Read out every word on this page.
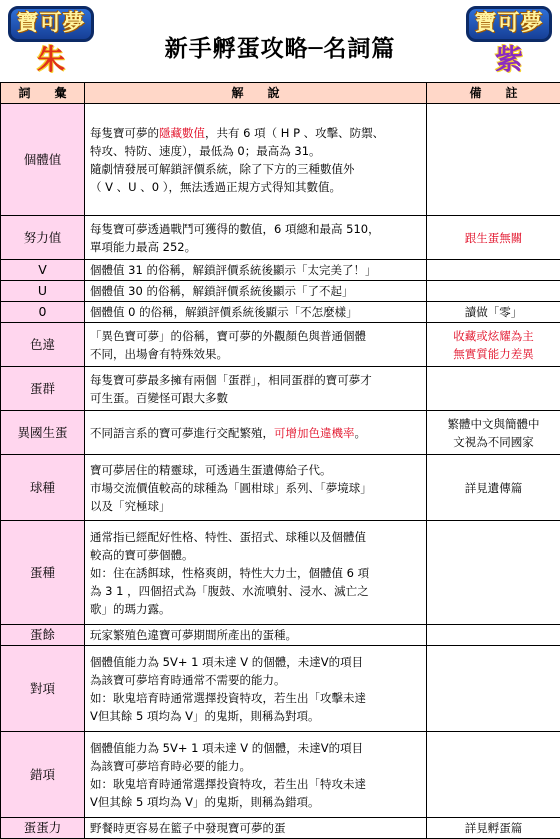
寶可夢
朱	新手孵蛋攻略─名詞篇
寶可夢
紫
詞　　彙	解　　說	備　　註
個體值	每隻寶可夢的隱藏數值，共有 6 項（ H P 、攻擊、防禦、
特攻、特防、速度），最低為 0；最高為 31。
隨劇情發展可解鎖評價系統，除了下方的三種數值外
（ V 、U 、0 ），無法透過正規方式得知其數值。	

努力值	每隻寶可夢透過戰鬥可獲得的數值，6 項總和最高 510，
單項能力最高 252。	跟生蛋無關
V	個體值 31 的俗稱，解鎖評價系統後顯示「太完美了！」	
U	個體值 30 的俗稱，解鎖評價系統後顯示「了不起」	
0	個體值 0 的俗稱，解鎖評價系統後顯示「不怎麼樣」	讀做「零」
色違	「異色寶可夢」的俗稱，寶可夢的外觀顏色與普通個體
不同，出場會有特殊效果。	收藏或炫耀為主
無實質能力差異

蛋群	每隻寶可夢最多擁有兩個「蛋群」，相同蛋群的寶可夢才
可生蛋。百變怪可跟大多數	

異國生蛋	不同語言系的寶可夢進行交配繁殖，可增加色違機率。	繁體中文與簡體中
文視為不同國家

球種	寶可夢居住的精靈球，可透過生蛋遺傳給子代。
市場交流價值較高的球種為「圓柑球」系列、「夢境球」
以及「究極球」	詳見遺傳篇
蛋種	通常指已經配好性格、特性、蛋招式、球種以及個體值
較高的寶可夢個體。
如：住在誘餌球，性格爽朗，特性大力士，個體值 6 項
為 3 1 ，四個招式為「腹鼓、水流噴射、浸水、滅亡之
歌」的瑪力露。	

蛋餘	玩家繁殖色違寶可夢期間所產出的蛋種。	
對項	個體值能力為 5V+ 1 項未達 V 的個體，未達V的項目
為該寶可夢培育時通常不需要的能力。
如：耿鬼培育時通常選擇投資特攻，若生出「攻擊未達
V但其餘 5 項均為 V」的鬼斯，則稱為對項。	

錯項	個體值能力為 5V+ 1 項未達 V 的個體，未達V的項目
為該寶可夢培育時必要的能力。
如：耿鬼培育時通常選擇投資特攻，若生出「特攻未達
V但其餘 5 項均為 V」的鬼斯，則稱為錯項。	

蛋蛋力	野餐時更容易在籃子中發現寶可夢的蛋	詳見孵蛋篇
